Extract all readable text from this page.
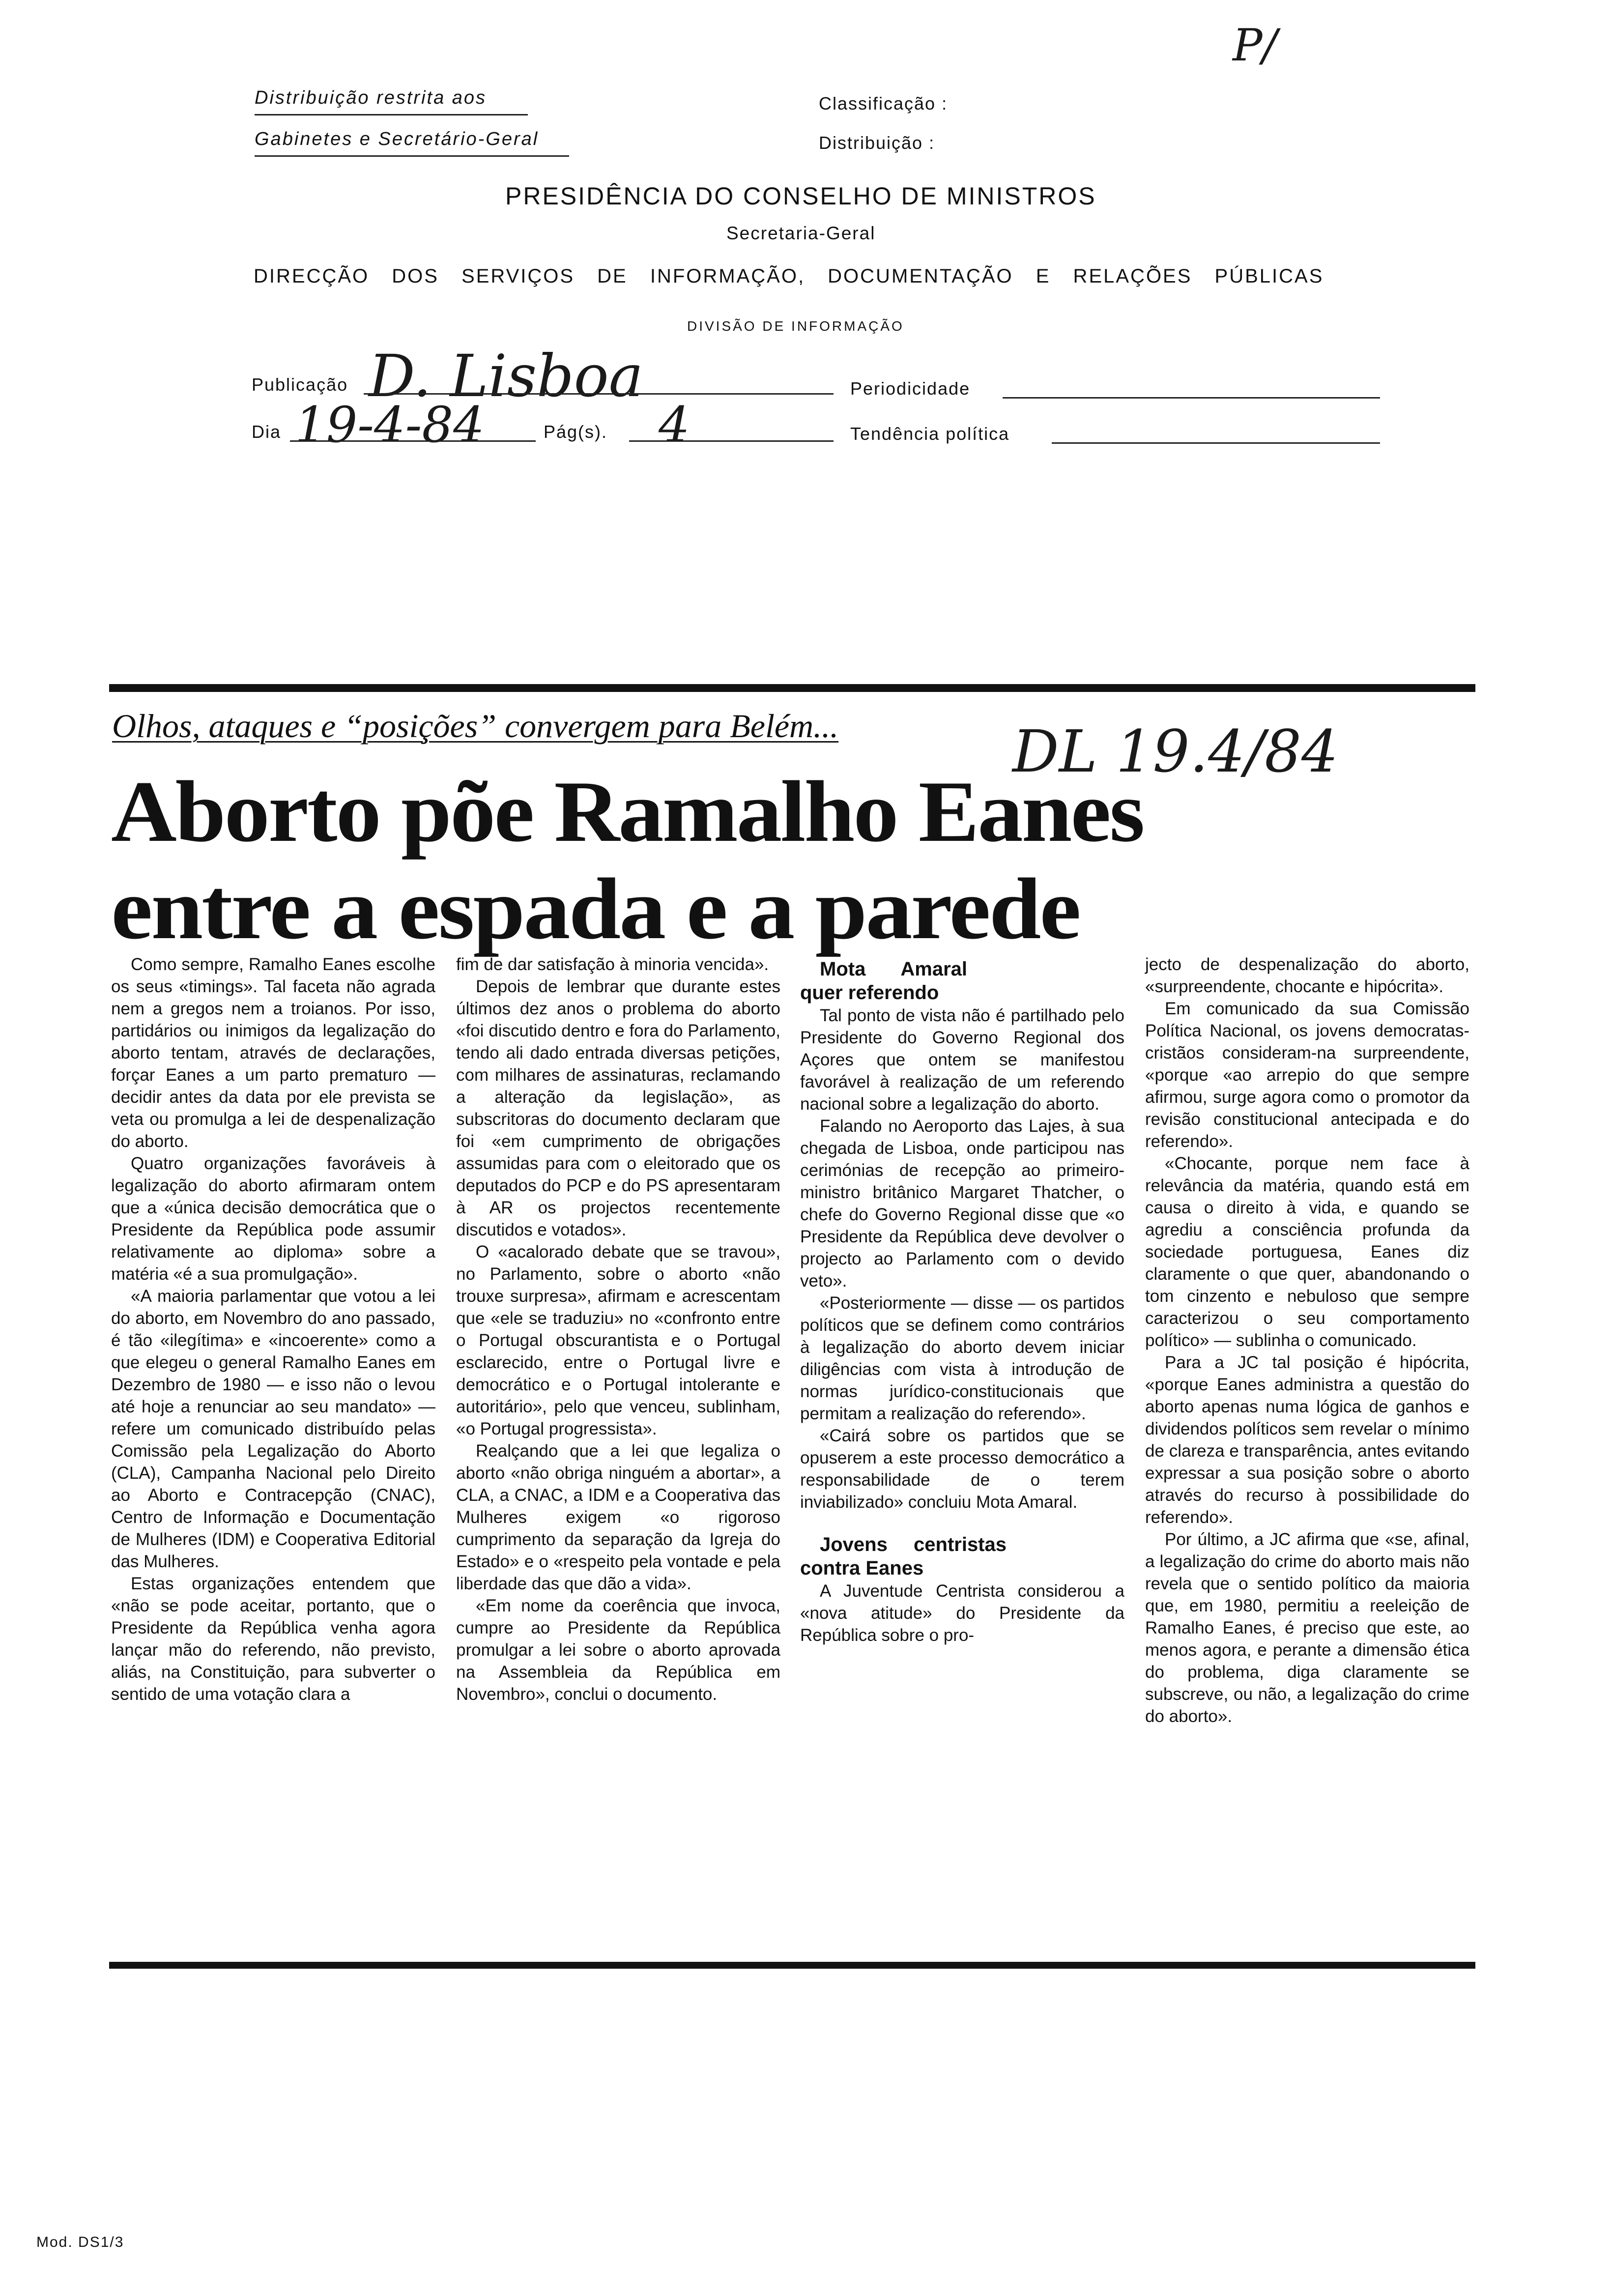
Distribuição restrita aos
Gabinetes e Secretário-Geral
Classificação :
Distribuição :
P/
PRESIDÊNCIA DO CONSELHO DE MINISTROS
Secretaria-Geral
DIRECÇÃO DOS SERVIÇOS DE INFORMAÇÃO, DOCUMENTAÇÃO E RELAÇÕES PÚBLICAS
DIVISÃO DE INFORMAÇÃO
Publicação D. Lisboa	Periodicidade
Dia 19-4-84	Pág(s). 4	Tendência política
Olhos, ataques e “posições” convergem para Belém...	DL 19.4/84
Aborto põe Ramalho Eanes
entre a espada e a parede

Como sempre, Ramalho Eanes escolhe os seus «timings». Tal faceta não agrada nem a gregos nem a troianos. Por isso, partidários ou inimigos da legalização do aborto tentam, através de declarações, forçar Eanes a um parto prematuro — decidir antes da data por ele prevista se veta ou promulga a lei de despenalização do aborto.

Quatro organizações favoráveis à legalização do aborto afirmaram ontem que a «única decisão democrática que o Presidente da República pode assumir relativamente ao diploma» sobre a matéria «é a sua promulgação».

«A maioria parlamentar que votou a lei do aborto, em Novembro do ano passado, é tão «ilegítima» e «incoerente» como a que elegeu o general Ramalho Eanes em Dezembro de 1980 — e isso não o levou até hoje a renunciar ao seu mandato» — refere um comunicado distribuído pelas Comissão pela Legalização do Aborto (CLA), Campanha Nacional pelo Direito ao Aborto e Contracepção (CNAC), Centro de Informação e Documentação de Mulheres (IDM) e Cooperativa Editorial das Mulheres.

Estas organizações entendem que «não se pode aceitar, portanto, que o Presidente da República venha agora lançar mão do referendo, não previsto, aliás, na Constituição, para subverter o sentido de uma votação clara a

fim de dar satisfação à minoria vencida».

Depois de lembrar que durante estes últimos dez anos o problema do aborto «foi discutido dentro e fora do Parlamento, tendo ali dado entrada diversas petições, com milhares de assinaturas, reclamando a alteração da legislação», as subscritoras do documento declaram que foi «em cumprimento de obrigações assumidas para com o eleitorado que os deputados do PCP e do PS apresentaram à AR os projectos recentemente discutidos e votados».

O «acalorado debate que se travou», no Parlamento, sobre o aborto «não trouxe surpresa», afirmam e acrescentam que «ele se traduziu» no «confronto entre o Portugal obscurantista e o Portugal esclarecido, entre o Portugal livre e democrático e o Portugal intolerante e autoritário», pelo que venceu, sublinham, «o Portugal progressista».

Realçando que a lei que legaliza o aborto «não obriga ninguém a abortar», a CLA, a CNAC, a IDM e a Cooperativa das Mulheres exigem «o rigoroso cumprimento da separação da Igreja do Estado» e o «respeito pela vontade e pela liberdade das que dão a vida».

«Em nome da coerência que invoca, cumpre ao Presidente da República promulgar a lei sobre o aborto aprovada na Assembleia da República em Novembro», conclui o documento.

Mota Amaral quer referendo

Tal ponto de vista não é partilhado pelo Presidente do Governo Regional dos Açores que ontem se manifestou favorável à realização de um referendo nacional sobre a legalização do aborto.

Falando no Aeroporto das Lajes, à sua chegada de Lisboa, onde participou nas cerimónias de recepção ao primeiro-ministro britânico Margaret Thatcher, o chefe do Governo Regional disse que «o Presidente da República deve devolver o projecto ao Parlamento com o devido veto».

«Posteriormente — disse — os partidos políticos que se definem como contrários à legalização do aborto devem iniciar diligências com vista à introdução de normas jurídico-constitucionais que permitam a realização do referendo».

«Cairá sobre os partidos que se opuserem a este processo democrático a responsabilidade de o terem inviabilizado» concluiu Mota Amaral.

Jovens centristas contra Eanes

A Juventude Centrista considerou a «nova atitude» do Presidente da República sobre o pro-

jecto de despenalização do aborto, «surpreendente, chocante e hipócrita».

Em comunicado da sua Comissão Política Nacional, os jovens democratas-cristãos consideram-na surpreendente, «porque «ao arrepio do que sempre afirmou, surge agora como o promotor da revisão constitucional antecipada e do referendo».

«Chocante, porque nem face à relevância da matéria, quando está em causa o direito à vida, e quando se agrediu a consciência profunda da sociedade portuguesa, Eanes diz claramente o que quer, abandonando o tom cinzento e nebuloso que sempre caracterizou o seu comportamento político» — sublinha o comunicado.

Para a JC tal posição é hipócrita, «porque Eanes administra a questão do aborto apenas numa lógica de ganhos e dividendos políticos sem revelar o mínimo de clareza e transparência, antes evitando expressar a sua posição sobre o aborto através do recurso à possibilidade do referendo».

Por último, a JC afirma que «se, afinal, a legalização do crime do aborto mais não revela que o sentido político da maioria que, em 1980, permitiu a reeleição de Ramalho Eanes, é preciso que este, ao menos agora, e perante a dimensão ética do problema, diga claramente se subscreve, ou não, a legalização do crime do aborto».

Mod. DS1/3
